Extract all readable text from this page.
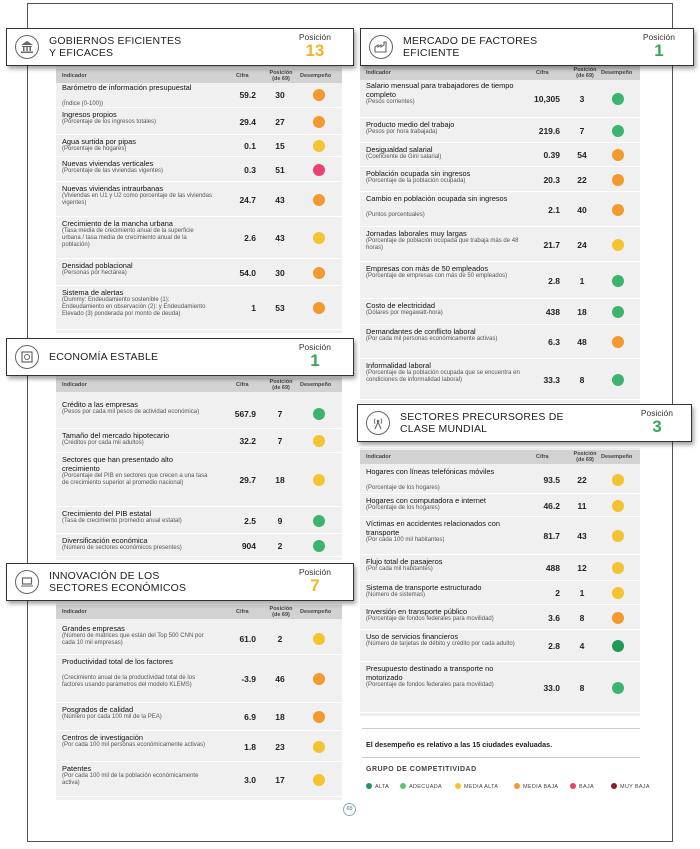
Indicador	Cifra	Posición
(de 69)	Desempeño
Barómetro de información presupuestal
(Índice (0-100))
59.2	30
Ingresos propios
(Porcentaje de los ingresos totales)	29.4	27
Agua surtida por pipas
(Porcentaje de hogares)	0.1	15
Nuevas viviendas verticales
(Porcentaje de las viviendas vigentes)	0.3	51
Nuevas viviendas intraurbanas
(Viviendas en U1 y U2 como porcentaje de las viviendas vigentes)	24.7	43
Crecimiento de la mancha urbana
(Tasa media de crecimiento anual de la superficie urbana / tasa media de crecimiento anual de la población)
2.6	43
Densidad poblacional
(Personas por hectárea)	54.0	30
Sistema de alertas
(Dummy: Endeudamiento sostenible (1): Endeudamiento en observación (2): y Endeudamiento Elevado (3) ponderada por monto de deuda)
1	53
GOBIERNOS EFICIENTES
Y EFICACES
Posición
13
Indicador	Cifra	Posición
(de 69)	Desempeño
Crédito a las empresas
(Pesos por cada mil pesos de actividad económica)	567.9	7
Tamaño del mercado hipotecario
(Créditos por cada mil adultos)	32.2	7
Sectores que han presentado alto crecimiento
(Porcentaje del PIB en sectores que crecen a una tasa de crecimiento superior al promedio nacional)	29.7	18
Crecimiento del PIB estatal
(Tasa de crecimiento promedio anual estatal)	2.5	9
Diversificación económica
(Número de sectores económicos presentes)	904	2
ECONOMÍA ESTABLE
Posición
1
Indicador	Cifra	Posición
(de 69)	Desempeño
Grandes empresas
(Número de matrices que están del Top 500 CNN por cada 10 mil empresas)	61.0	2
Productividad total de los factores
(Crecimiento anual de la productividad total de los factores usando parámetros del modelo KLEMS)
-3.9	46
Posgrados de calidad
(Número por cada 100 mil de la PEA)	6.9	18
Centros de investigación
(Por cada 100 mil personas económicamente activas)	1.8	23
Patentes
(Por cada 100 mil de la población económicamente activa)	3.0	17
INNOVACIÓN DE LOS
SECTORES ECONÓMICOS
Posición
7
Indicador	Cifra	Posición
(de 69)	Desempeño
Salario mensual para trabajadores de tiempo completo
(Pesos corrientes)	10,305	3
Producto medio del trabajo
(Pesos por hora trabajada)	219.6	7
Desigualdad salarial
(Coeficiente de Gini salarial)	0.39	54
Población ocupada sin ingresos
(Porcentaje de la población ocupada)	20.3	22
Cambio en población ocupada sin ingresos
(Puntos porcentuales)	2.1	40
Jornadas laborales muy largas
(Porcentaje de población ocupada que trabaja más de 48 horas)	21.7	24
Empresas con más de 50 empleados
(Porcentaje de empresas con más de 50 empleados)	2.8	1
Costo de electricidad
(Dólares por megawatt-hora)	438	18
Demandantes de conflicto laboral
(Por cada mil personas económicamente activas)	6.3	48
Informalidad laboral
(Porcentaje de la población ocupada que se encuentra en condiciones de informalidad laboral)	33.3	8
MERCADO DE FACTORES
EFICIENTE
Posición
1
Indicador	Cifra	Posición
(de 69)	Desempeño
Hogares con líneas telefónicas móviles
(Porcentaje de los hogares)
93.5	22
Hogares con computadora e internet
(Porcentaje de los hogares)	46.2	11
Víctimas en accidentes relacionados con transporte
(Por cada 100 mil habitantes)	81.7	43
Flujo total de pasajeros
(Por cada mil habitantes)	488	12
Sistema de transporte estructurado
(Número de sistemas)	2	1
Inversión en transporte público
(Porcentaje de fondos federales para movilidad)	3.6	8
Uso de servicios financieros
(Número de tarjetas de débito y crédito por cada adulto)	2.8	4
Presupuesto destinado a transporte no motorizado
(Porcentaje de fondos federales para movilidad)	33.0	8
SECTORES PRECURSORES DE
CLASE MUNDIAL
Posición
3
El desempeño es relativo a las 15 ciudades evaluadas.
GRUPO DE COMPETITIVIDAD
ALTA	ADECUADA	MEDIA ALTA	MEDIA BAJA	BAJA	MUY BAJA
65
